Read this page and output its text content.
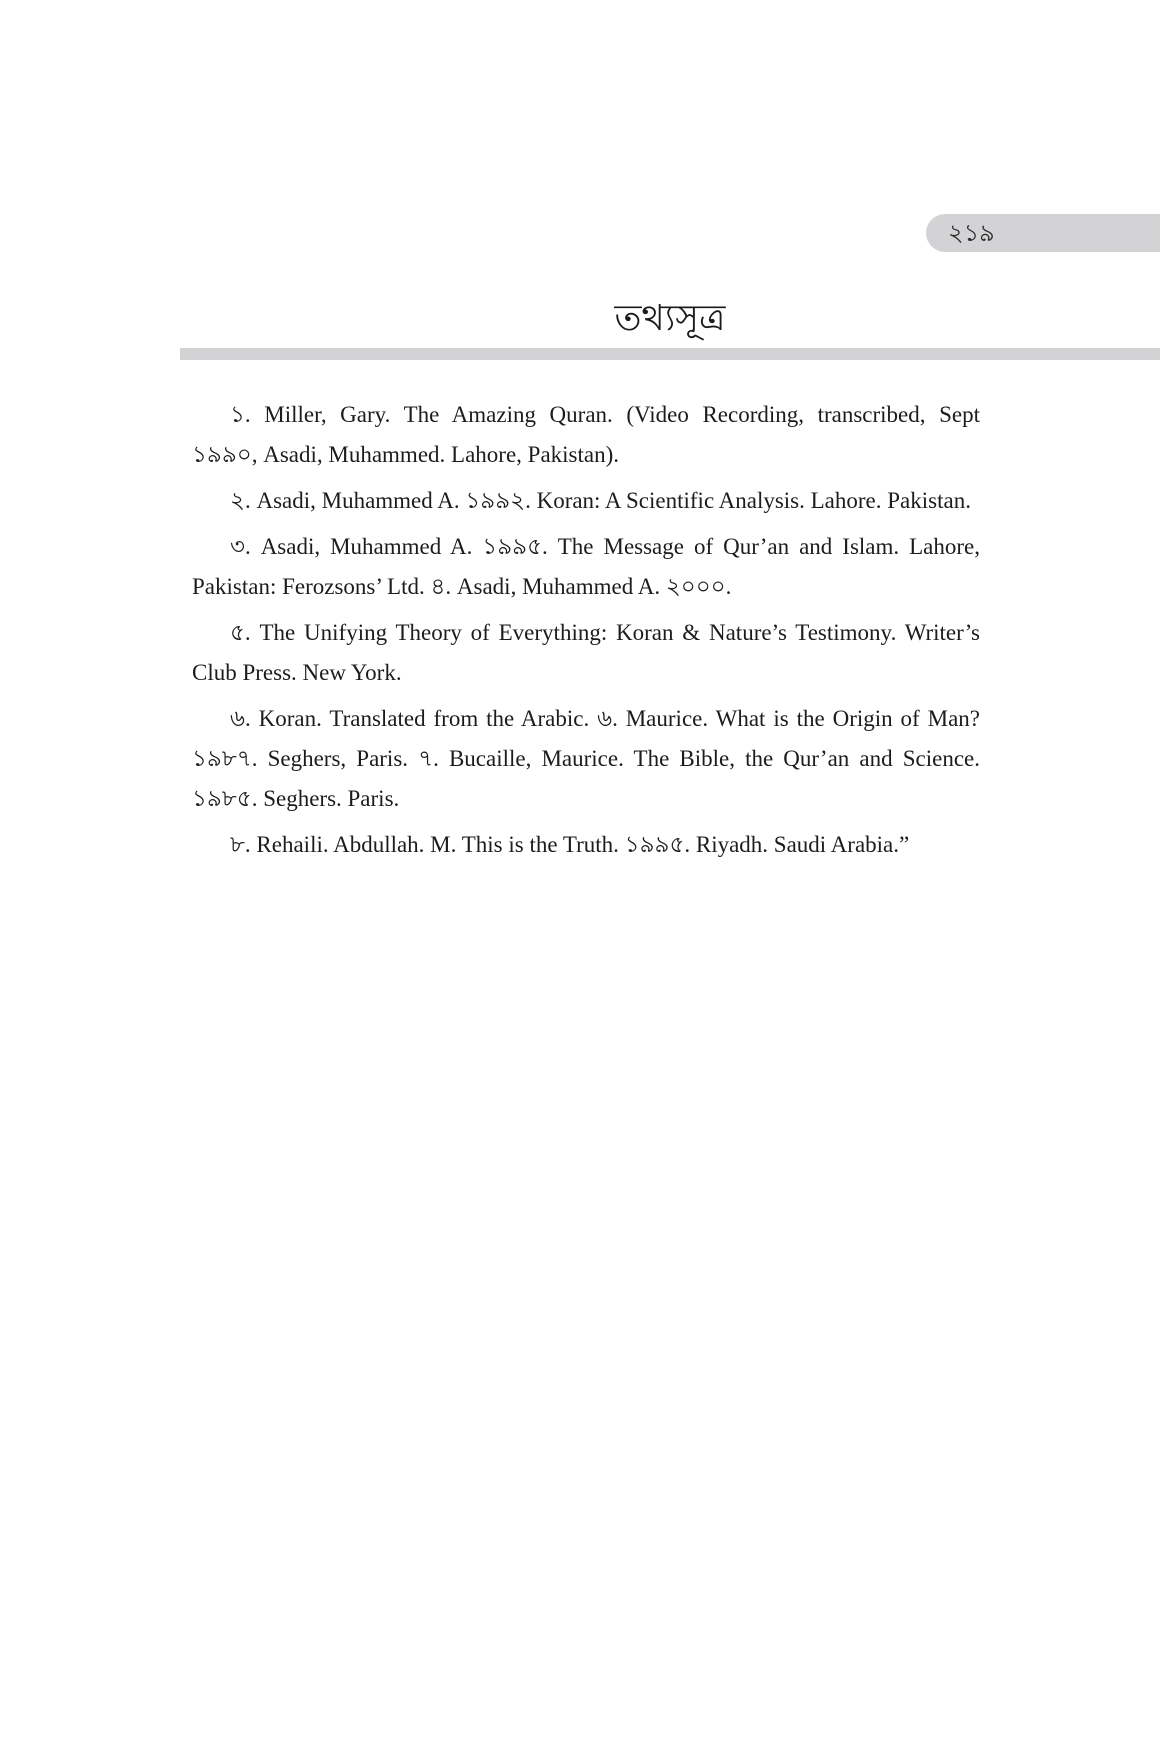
২১৯
তথ্যসূত্র

১. Miller, Gary. The Amazing Quran. (Video Recording, transcribed, Sept ১৯৯০, Asadi, Muhammed. Lahore, Pakistan).

২. Asadi, Muhammed A. ১৯৯২. Koran: A Scientific Analysis. Lahore. Pakistan.

৩. Asadi, Muhammed A. ১৯৯৫. The Message of Qur’an and Islam. Lahore, Pakistan: Ferozsons’ Ltd. ৪. Asadi, Muhammed A. ২০০০.

৫. The Unifying Theory of Everything: Koran & Nature’s Testimony. Writer’s Club Press. New York.

৬. Koran. Translated from the Arabic. ৬. Maurice. What is the Origin of Man? ১৯৮৭. Seghers, Paris. ৭. Bucaille, Maurice. The Bible, the Qur’an and Science. ১৯৮৫. Seghers. Paris.

৮. Rehaili. Abdullah. M. This is the Truth. ১৯৯৫. Riyadh. Saudi Arabia.”
